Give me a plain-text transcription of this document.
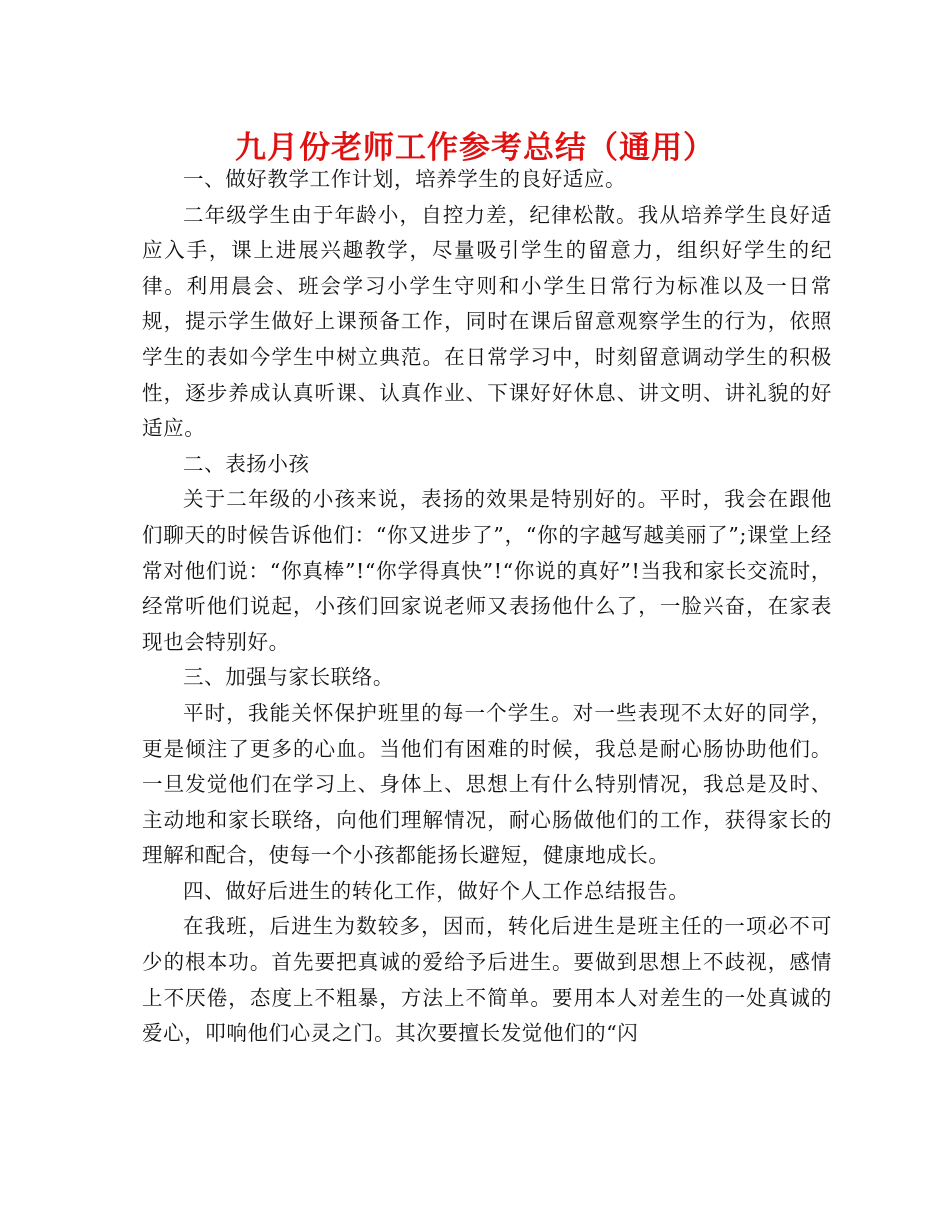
九月份老师工作参考总结（通用）

一、做好教学工作计划，培养学生的良好适应。

二年级学生由于年龄小，自控力差，纪律松散。我从培养学生良好适应入手，课上进展兴趣教学，尽量吸引学生的留意力，组织好学生的纪律。利用晨会、班会学习小学生守则和小学生日常行为标准以及一日常规，提示学生做好上课预备工作，同时在课后留意观察学生的行为，依照学生的表如今学生中树立典范。在日常学习中，时刻留意调动学生的积极性，逐步养成认真听课、认真作业、下课好好休息、讲文明、讲礼貌的好适应。

二、表扬小孩

关于二年级的小孩来说，表扬的效果是特别好的。平时，我会在跟他们聊天的时候告诉他们：“你又进步了”，“你的字越写越美丽了”;课堂上经常对他们说：“你真棒”!“你学得真快”!“你说的真好”!当我和家长交流时，经常听他们说起，小孩们回家说老师又表扬他什么了，一脸兴奋，在家表现也会特别好。

三、加强与家长联络。

平时，我能关怀保护班里的每一个学生。对一些表现不太好的同学，更是倾注了更多的心血。当他们有困难的时候，我总是耐心肠协助他们。一旦发觉他们在学习上、身体上、思想上有什么特别情况，我总是及时、主动地和家长联络，向他们理解情况，耐心肠做他们的工作，获得家长的理解和配合，使每一个小孩都能扬长避短，健康地成长。

四、做好后进生的转化工作，做好个人工作总结报告。

在我班，后进生为数较多，因而，转化后进生是班主任的一项必不可少的根本功。首先要把真诚的爱给予后进生。要做到思想上不歧视，感情上不厌倦，态度上不粗暴，方法上不简单。要用本人对差生的一处真诚的爱心，叩响他们心灵之门。其次要擅长发觉他们的“闪
